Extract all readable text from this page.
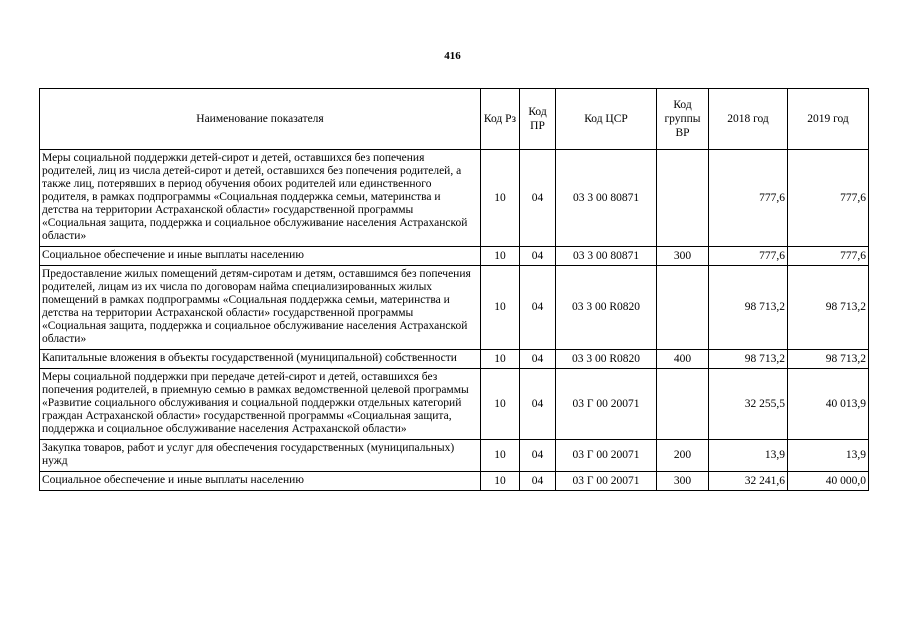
416
Наименование показателя	Код Рз	Код ПР	Код ЦСР	Код группы ВР	2018 год	2019 год
Меры социальной поддержки детей-сирот и детей, оставшихся без попечения родителей, лиц из числа детей-сирот и детей, оставшихся без попечения родителей, а также лиц, потерявших в период обучения обоих родителей или единственного родителя, в рамках подпрограммы «Социальная поддержка семьи, материнства и детства на территории Астраханской области» государственной программы «Социальная защита, поддержка и социальное обслуживание населения Астраханской области»	10	04	03 3 00 80871		777,6	777,6
Социальное обеспечение и иные выплаты населению	10	04	03 3 00 80871	300	777,6	777,6
Предоставление жилых помещений детям-сиротам и детям, оставшимся без попечения родителей, лицам из их числа по договорам найма специализированных жилых помещений в рамках подпрограммы «Социальная поддержка семьи, материнства и детства на территории Астраханской области» государственной программы «Социальная защита, поддержка и социальное обслуживание населения Астраханской области»	10	04	03 3 00 R0820		98 713,2	98 713,2
Капитальные вложения в объекты государственной (муниципальной) собственности	10	04	03 3 00 R0820	400	98 713,2	98 713,2
Меры социальной поддержки при передаче детей-сирот и детей, оставшихся без попечения родителей, в приемную семью в рамках ведомственной целевой программы «Развитие социального обслуживания и социальной поддержки отдельных категорий граждан Астраханской области» государственной программы «Социальная защита, поддержка и социальное обслуживание населения Астраханской области»	10	04	03 Г 00 20071		32 255,5	40 013,9
Закупка товаров, работ и услуг для обеспечения государственных (муниципальных) нужд	10	04	03 Г 00 20071	200	13,9	13,9
Социальное обеспечение и иные выплаты населению	10	04	03 Г 00 20071	300	32 241,6	40 000,0
